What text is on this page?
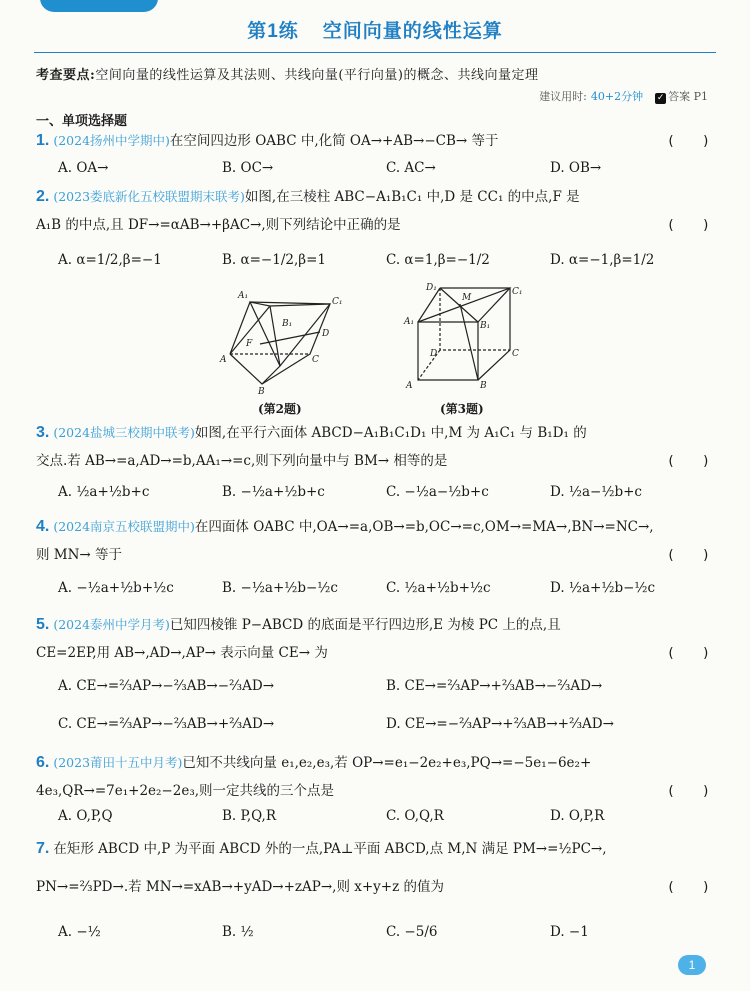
第1练 空间向量的线性运算
考查要点:空间向量的线性运算及其法则、共线向量(平行向量)的概念、共线向量定理
建议用时: 40+2分钟 ✓ 答案 P1
一、单项选择题
1. (2024扬州中学期中)在空间四边形 OABC 中,化简 OA→+AB→−CB→ 等于	(　　)
A. OA→	B. OC→	C. AC→	D. OB→
2. (2023娄底新化五校联盟期末联考)如图,在三棱柱 ABC−A₁B₁C₁ 中,D 是 CC₁ 的中点,F 是
A₁B 的中点,且 DF→=αAB→+βAC→,则下列结论中正确的是	(　　)
A. α=1/2,β=−1	B. α=−1/2,β=1	C. α=1,β=−1/2	D. α=−1,β=1/2
A₁
C₁
B₁
D
F
A	C
B
(第2题)
D₁
M
C₁
A₁	B₁
D	C
A	B
(第3题)
3. (2024盐城三校期中联考)如图,在平行六面体 ABCD−A₁B₁C₁D₁ 中,M 为 A₁C₁ 与 B₁D₁ 的
交点.若 AB→=a,AD→=b,AA₁→=c,则下列向量中与 BM→ 相等的是	(　　)
A. ½a+½b+c	B. −½a+½b+c	C. −½a−½b+c	D. ½a−½b+c
4. (2024南京五校联盟期中)在四面体 OABC 中,OA→=a,OB→=b,OC→=c,OM→=MA→,BN→=NC→,
则 MN→ 等于	(　　)
A. −½a+½b+½c	B. −½a+½b−½c	C. ½a+½b+½c	D. ½a+½b−½c
5. (2024泰州中学月考)已知四棱锥 P−ABCD 的底面是平行四边形,E 为棱 PC 上的点,且
CE=2EP,用 AB→,AD→,AP→ 表示向量 CE→ 为	(　　)
A. CE→=⅔AP→−⅔AB→−⅔AD→	B. CE→=⅔AP→+⅔AB→−⅔AD→
C. CE→=⅔AP→−⅔AB→+⅔AD→	D. CE→=−⅔AP→+⅔AB→+⅔AD→
6. (2023莆田十五中月考)已知不共线向量 e₁,e₂,e₃,若 OP→=e₁−2e₂+e₃,PQ→=−5e₁−6e₂+
4e₃,QR→=7e₁+2e₂−2e₃,则一定共线的三个点是	(　　)
A. O,P,Q	B. P,Q,R	C. O,Q,R	D. O,P,R
7. 在矩形 ABCD 中,P 为平面 ABCD 外的一点,PA⊥平面 ABCD,点 M,N 满足 PM→=½PC→,
PN→=⅔PD→.若 MN→=xAB→+yAD→+zAP→,则 x+y+z 的值为	(　　)
A. −½	B. ½	C. −5/6	D. −1
1
